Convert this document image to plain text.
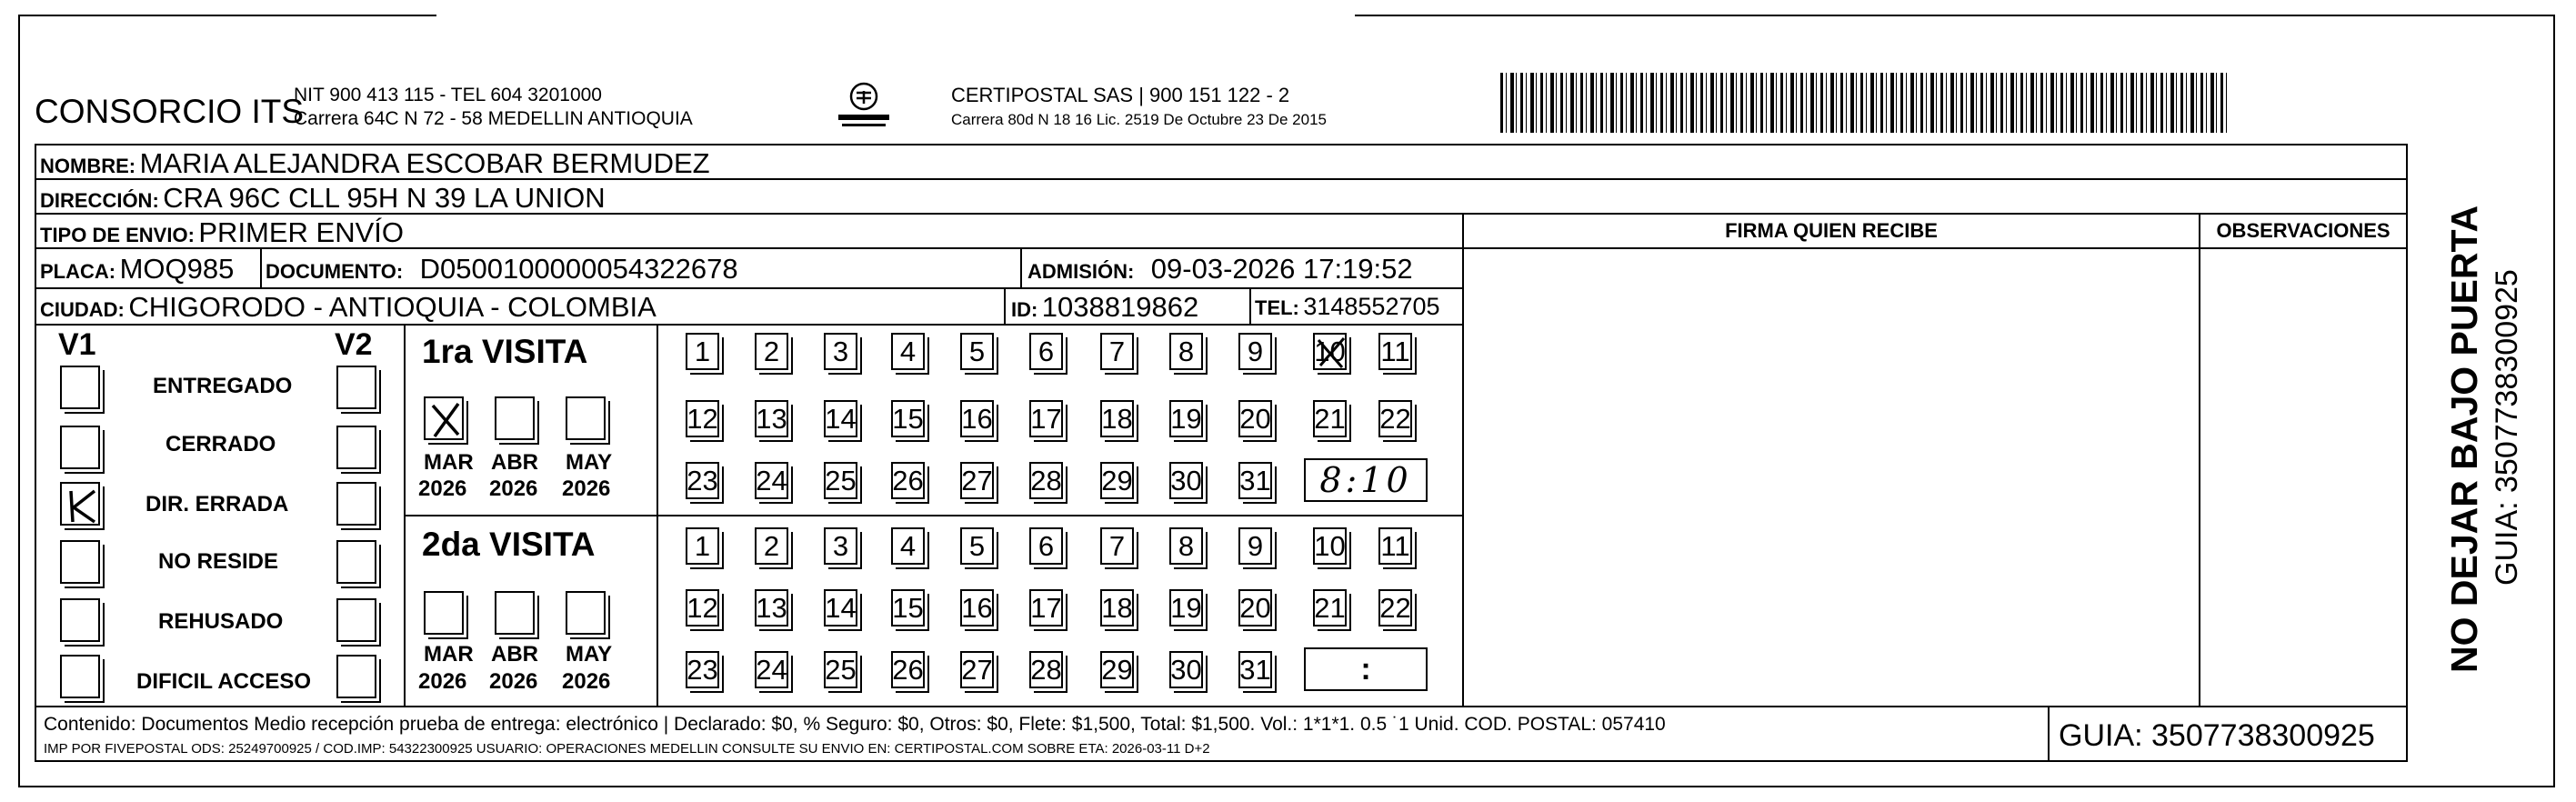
CONSORCIO ITS
NIT 900 413 115 - TEL 604 3201000
Carrera 64C N 72 - 58 MEDELLIN ANTIOQUIA
CERTIPOSTAL SAS | 900 151 122 - 2
Carrera 80d N 18 16 Lic. 2519 De Octubre 23 De 2015
NOMBRE: MARIA ALEJANDRA ESCOBAR BERMUDEZ
DIRECCIÓN: CRA 96C CLL 95H N 39 LA UNION
TIPO DE ENVIO: PRIMER ENVÍO
PLACA: MOQ985 DOCUMENTO: D0500100000054322678	ADMISIÓN: 09-03-2026 17:19:52
CIUDAD: CHIGORODO - ANTIOQUIA - COLOMBIA	ID: 1038819862	TEL: 3148552705
FIRMA QUIEN RECIBE	OBSERVACIONES
V1	V2
ENTREGADO
CERRADO
DIR. ERRADA
NO RESIDE
REHUSADO
DIFICIL ACCESO
1ra VISITA
MAR ABR MAY
2026 2026 2026
2da VISITA
MAR ABR MAY
2026 2026 2026
1	2	3	4	5	6	7	8	9	10 11
12 13 14 15 16 17 18 19 20 21 22
23 24 25 26 27 28 29 30 31
1	2	3	4	5	6	7	8	9	10 11
12 13 14 15 16 17 18 19 20 21 22
23 24 25 26 27 28 29 30 31
8:10
:
Contenido: Documentos Medio recepción prueba de entrega: electrónico | Declarado: $0, % Seguro: $0, Otros: $0, Flete: $1,500, Total: $1,500. Vol.: 1*1*1. 0.5 ˙1 Unid. COD. POSTAL: 057410
IMP POR FIVEPOSTAL ODS: 25249700925 / COD.IMP: 54322300925 USUARIO: OPERACIONES MEDELLIN CONSULTE SU ENVIO EN: CERTIPOSTAL.COM SOBRE ETA: 2026-03-11 D+2	GUIA: 3507738300925
NO DEJAR BAJO PUERTA GUIA: 3507738300925
